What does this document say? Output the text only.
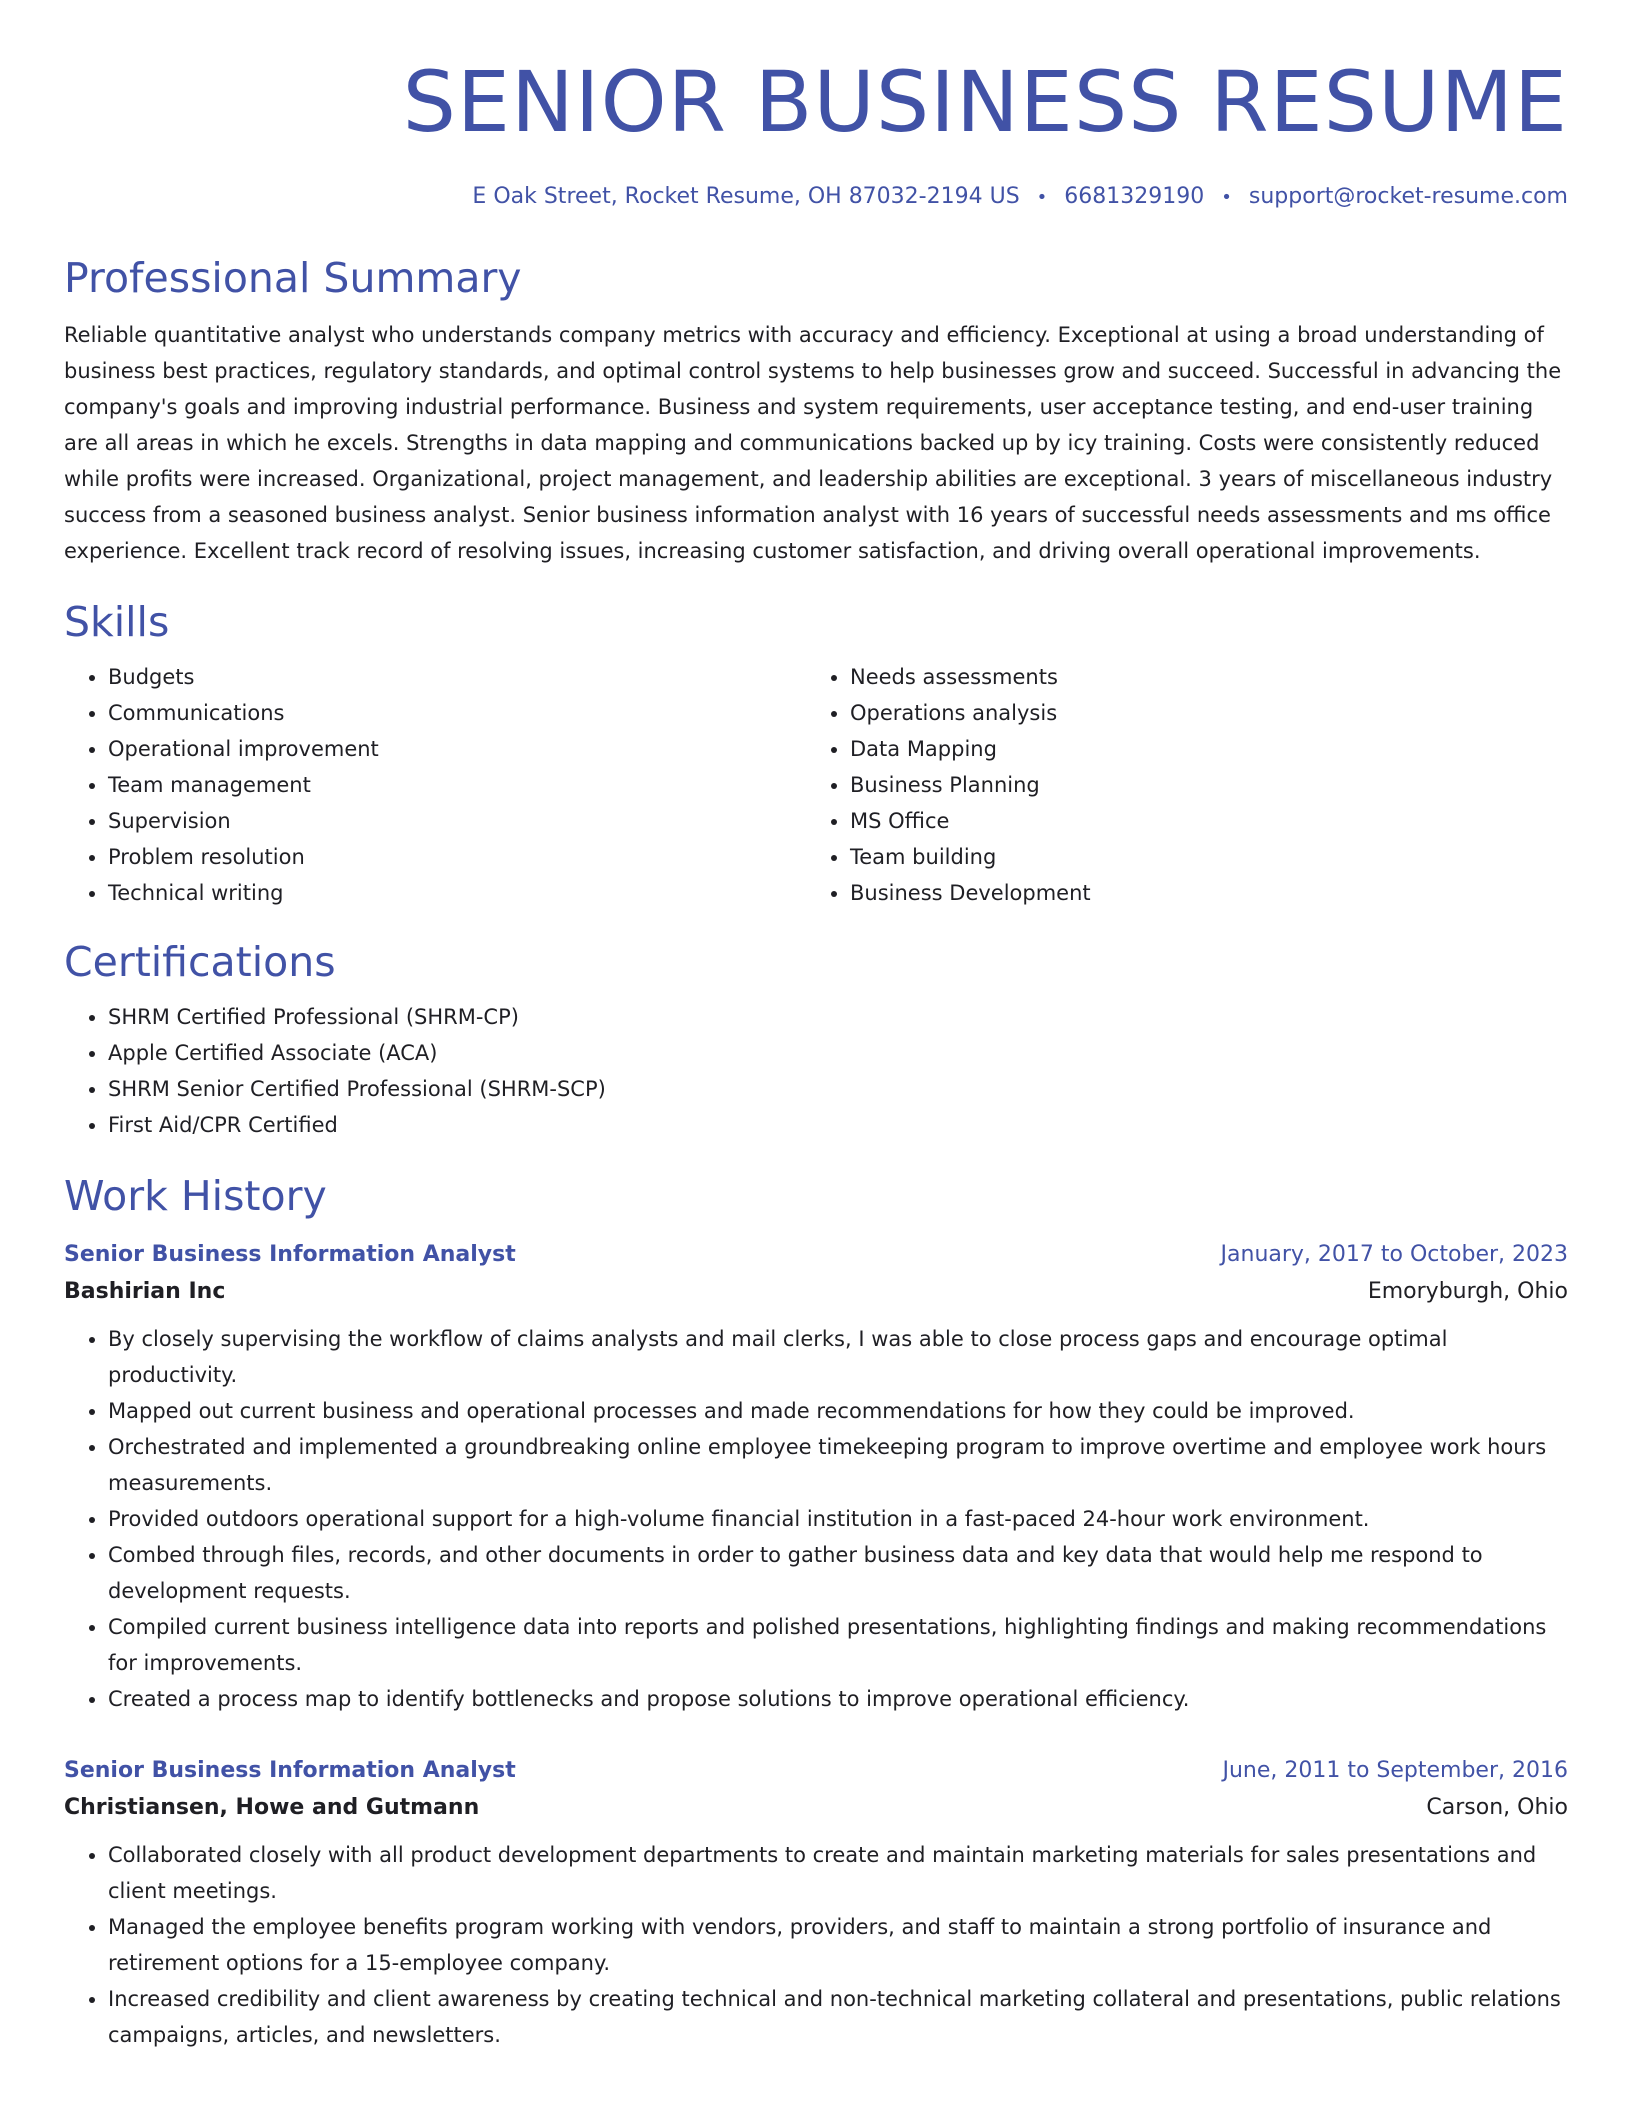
SENIOR BUSINESS RESUME
E Oak Street, Rocket Resume, OH 87032-2194 US • 6681329190 • support@rocket-resume.com
Professional Summary

Reliable quantitative analyst who understands company metrics with accuracy and efficiency. Exceptional at using a broad understanding of business best practices, regulatory standards, and optimal control systems to help businesses grow and succeed. Successful in advancing the company's goals and improving industrial performance. Business and system requirements, user acceptance testing, and end-user training are all areas in which he excels. Strengths in data mapping and communications backed up by icy training. Costs were consistently reduced while profits were increased. Organizational, project management, and leadership abilities are exceptional. 3 years of miscellaneous industry success from a seasoned business analyst. Senior business information analyst with 16 years of successful needs assessments and ms office experience. Excellent track record of resolving issues, increasing customer satisfaction, and driving overall operational improvements.

Skills
• Budgets
• Communications
• Operational improvement
• Team management
• Supervision
• Problem resolution
• Technical writing
• Needs assessments
• Operations analysis
• Data Mapping
• Business Planning
• MS Office
• Team building
• Business Development
Certifications
• SHRM Certified Professional (SHRM-CP)
• Apple Certified Associate (ACA)
• SHRM Senior Certified Professional (SHRM-SCP)
• First Aid/CPR Certified
Work History
Senior Business Information Analyst	January, 2017 to October, 2023
Bashirian Inc	Emoryburgh, Ohio
• By closely supervising the workflow of claims analysts and mail clerks, I was able to close process gaps and encourage optimal productivity.
• Mapped out current business and operational processes and made recommendations for how they could be improved.
• Orchestrated and implemented a groundbreaking online employee timekeeping program to improve overtime and employee work hours measurements.
• Provided outdoors operational support for a high-volume financial institution in a fast-paced 24-hour work environment.
• Combed through files, records, and other documents in order to gather business data and key data that would help me respond to development requests.
• Compiled current business intelligence data into reports and polished presentations, highlighting findings and making recommendations for improvements.
• Created a process map to identify bottlenecks and propose solutions to improve operational efficiency.
Senior Business Information Analyst	June, 2011 to September, 2016
Christiansen, Howe and Gutmann	Carson, Ohio
• Collaborated closely with all product development departments to create and maintain marketing materials for sales presentations and client meetings.
• Managed the employee benefits program working with vendors, providers, and staff to maintain a strong portfolio of insurance and retirement options for a 15-employee company.
• Increased credibility and client awareness by creating technical and non-technical marketing collateral and presentations, public relations campaigns, articles, and newsletters.
